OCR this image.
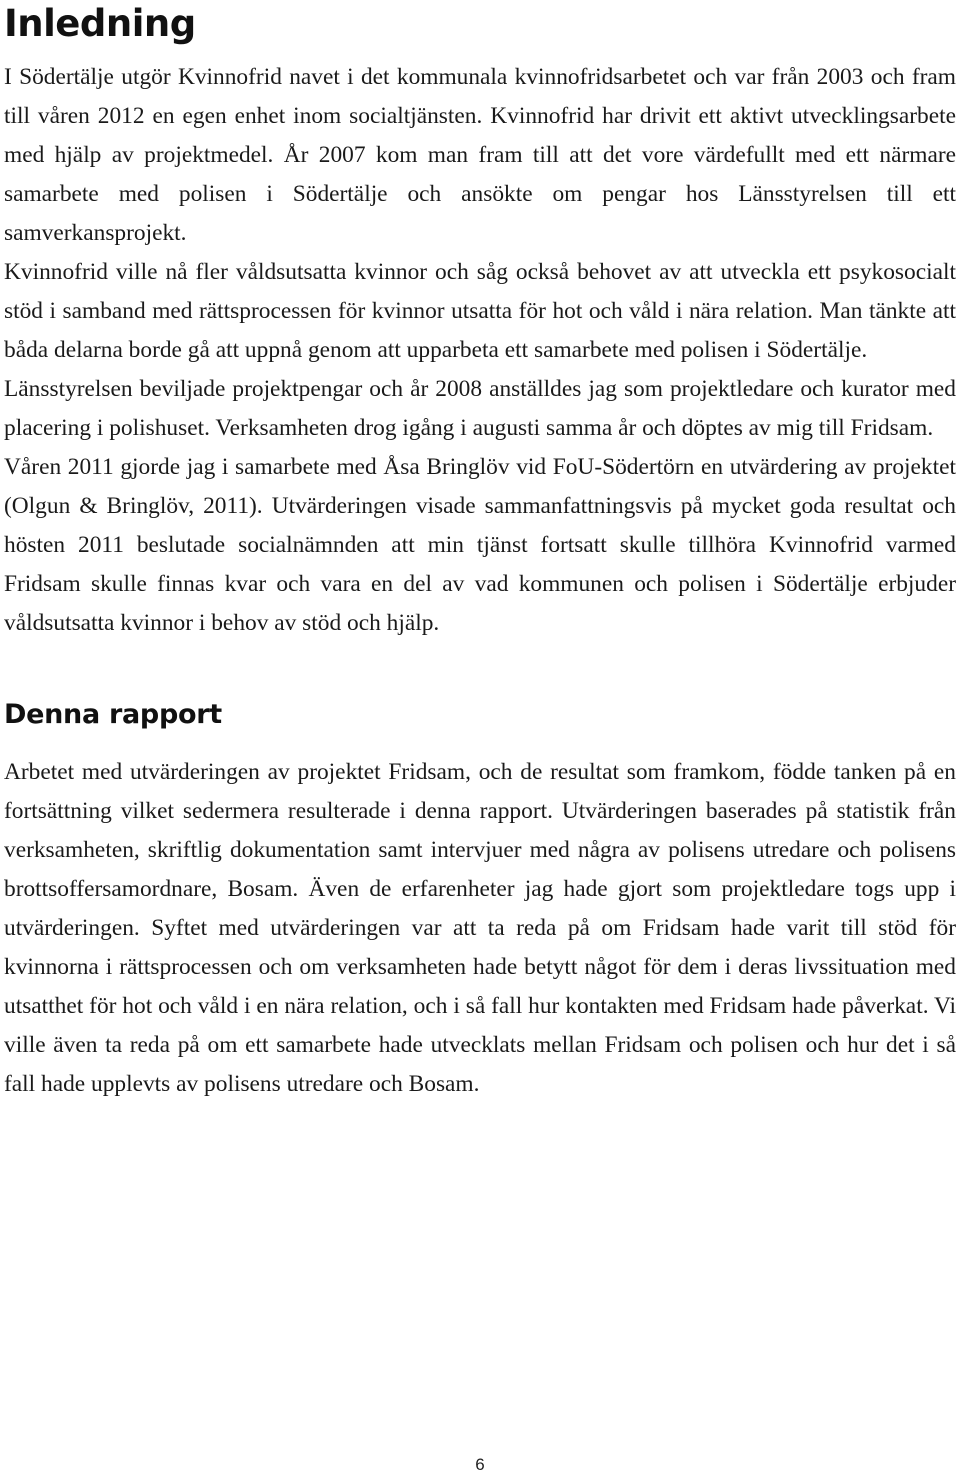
Inledning

I Södertälje utgör Kvinnofrid navet i det kommunala kvinnofridsarbetet och var från 2003 och fram till våren 2012 en egen enhet inom socialtjänsten. Kvinnofrid har drivit ett aktivt utvecklingsarbete med hjälp av projektmedel. År 2007 kom man fram till att det vore värdefullt med ett närmare samarbete med polisen i Södertälje och ansökte om pengar hos Länsstyrelsen till ett samverkansprojekt.

Kvinnofrid ville nå fler våldsutsatta kvinnor och såg också behovet av att utveckla ett psykosocialt stöd i samband med rättsprocessen för kvinnor utsatta för hot och våld i nära relation. Man tänkte att båda delarna borde gå att uppnå genom att upparbeta ett samarbete med polisen i Södertälje.

Länsstyrelsen beviljade projektpengar och år 2008 anställdes jag som projektledare och kurator med placering i polishuset. Verksamheten drog igång i augusti samma år och döptes av mig till Fridsam.

Våren 2011 gjorde jag i samarbete med Åsa Bringlöv vid FoU-Södertörn en utvärdering av projektet (Olgun & Bringlöv, 2011). Utvärderingen visade sammanfattningsvis på mycket goda resultat och hösten 2011 beslutade socialnämnden att min tjänst fortsatt skulle tillhöra Kvinnofrid varmed Fridsam skulle finnas kvar och vara en del av vad kommunen och polisen i Södertälje erbjuder våldsutsatta kvinnor i behov av stöd och hjälp.

Denna rapport

Arbetet med utvärderingen av projektet Fridsam, och de resultat som framkom, födde tanken på en fortsättning vilket sedermera resulterade i denna rapport. Utvärderingen baserades på statistik från verksamheten, skriftlig dokumentation samt intervjuer med några av polisens utredare och polisens brottsoffersamordnare, Bosam. Även de erfarenheter jag hade gjort som projektledare togs upp i utvärderingen. Syftet med utvärderingen var att ta reda på om Fridsam hade varit till stöd för kvinnorna i rättsprocessen och om verksamheten hade betytt något för dem i deras livssituation med utsatthet för hot och våld i en nära relation, och i så fall hur kontakten med Fridsam hade påverkat. Vi ville även ta reda på om ett samarbete hade utvecklats mellan Fridsam och polisen och hur det i så fall hade upplevts av polisens utredare och Bosam.

6
